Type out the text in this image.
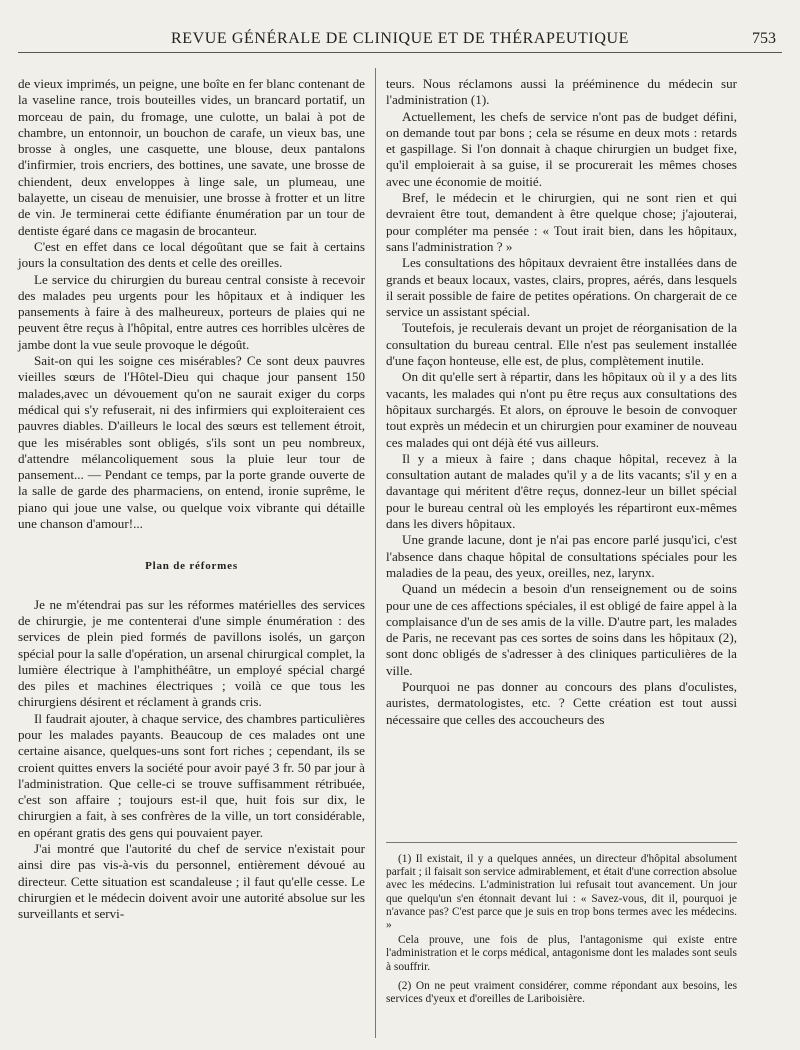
REVUE GÉNÉRALE DE CLINIQUE ET DE THÉRAPEUTIQUE	753

de vieux imprimés, un peigne, une boîte en fer blanc contenant de la vaseline rance, trois bouteilles vides, un brancard portatif, un morceau de pain, du fromage, une culotte, un balai à pot de chambre, un entonnoir, un bouchon de carafe, un vieux bas, une brosse à ongles, une casquette, une blouse, deux pantalons d'infirmier, trois encriers, des bottines, une savate, une brosse de chiendent, deux enveloppes à linge sale, un plumeau, une balayette, un ciseau de menuisier, une brosse à frotter et un litre de vin. Je terminerai cette édifiante énumération par un tour de dentiste égaré dans ce magasin de brocanteur.

C'est en effet dans ce local dégoûtant que se fait à certains jours la consultation des dents et celle des oreilles.

Le service du chirurgien du bureau central consiste à recevoir des malades peu urgents pour les hôpitaux et à indiquer les pansements à faire à des malheureux, porteurs de plaies qui ne peuvent être reçus à l'hôpital, entre autres ces horribles ulcères de jambe dont la vue seule provoque le dégoût.

Sait-on qui les soigne ces misérables? Ce sont deux pauvres vieilles sœurs de l'Hôtel-Dieu qui chaque jour pansent 150 malades,avec un dévouement qu'on ne saurait exiger du corps médical qui s'y refuserait, ni des infirmiers qui exploiteraient ces pauvres diables. D'ailleurs le local des sœurs est tellement étroit, que les misérables sont obligés, s'ils sont un peu nombreux, d'attendre mélancoliquement sous la pluie leur tour de pansement... — Pendant ce temps, par la porte grande ouverte de la salle de garde des pharmaciens, on entend, ironie suprême, le piano qui joue une valse, ou quelque voix vibrante qui détaille une chanson d'amour!...

Plan de réformes

Je ne m'étendrai pas sur les réformes matérielles des services de chirurgie, je me contenterai d'une simple énumération : des services de plein pied formés de pavillons isolés, un garçon spécial pour la salle d'opération, un arsenal chirurgical complet, la lumière électrique à l'amphithéâtre, un employé spécial chargé des piles et machines électriques ; voilà ce que tous les chirurgiens désirent et réclament à grands cris.

Il faudrait ajouter, à chaque service, des chambres particulières pour les malades payants. Beaucoup de ces malades ont une certaine aisance, quelques-uns sont fort riches ; cependant, ils se croient quittes envers la société pour avoir payé 3 fr. 50 par jour à l'administration. Que celle-ci se trouve suffisamment rétribuée, c'est son affaire ; toujours est-il que, huit fois sur dix, le chirurgien a fait, à ses confrères de la ville, un tort considérable, en opérant gratis des gens qui pouvaient payer.

J'ai montré que l'autorité du chef de service n'existait pour ainsi dire pas vis-à-vis du personnel, entièrement dévoué au directeur. Cette situation est scandaleuse ; il faut qu'elle cesse. Le chirurgien et le médecin doivent avoir une autorité absolue sur les surveillants et servi-

teurs. Nous réclamons aussi la prééminence du médecin sur l'administration (1).

Actuellement, les chefs de service n'ont pas de budget défini, on demande tout par bons ; cela se résume en deux mots : retards et gaspillage. Si l'on donnait à chaque chirurgien un budget fixe, qu'il emploierait à sa guise, il se procurerait les mêmes choses avec une économie de moitié.

Bref, le médecin et le chirurgien, qui ne sont rien et qui devraient être tout, demandent à être quelque chose; j'ajouterai, pour compléter ma pensée : « Tout irait bien, dans les hôpitaux, sans l'administration ? »

Les consultations des hôpitaux devraient être installées dans de grands et beaux locaux, vastes, clairs, propres, aérés, dans lesquels il serait possible de faire de petites opérations. On chargerait de ce service un assistant spécial.

Toutefois, je reculerais devant un projet de réorganisation de la consultation du bureau central. Elle n'est pas seulement installée d'une façon honteuse, elle est, de plus, complètement inutile.

On dit qu'elle sert à répartir, dans les hôpitaux où il y a des lits vacants, les malades qui n'ont pu être reçus aux consultations des hôpitaux surchargés. Et alors, on éprouve le besoin de convoquer tout exprès un médecin et un chirurgien pour examiner de nouveau ces malades qui ont déjà été vus ailleurs.

Il y a mieux à faire ; dans chaque hôpital, recevez à la consultation autant de malades qu'il y a de lits vacants; s'il y en a davantage qui méritent d'être reçus, donnez-leur un billet spécial pour le bureau central où les employés les répartiront eux-mêmes dans les divers hôpitaux.

Une grande lacune, dont je n'ai pas encore parlé jusqu'ici, c'est l'absence dans chaque hôpital de consultations spéciales pour les maladies de la peau, des yeux, oreilles, nez, larynx.

Quand un médecin a besoin d'un renseignement ou de soins pour une de ces affections spéciales, il est obligé de faire appel à la complaisance d'un de ses amis de la ville. D'autre part, les malades de Paris, ne recevant pas ces sortes de soins dans les hôpitaux (2), sont donc obligés de s'adresser à des cliniques particulières de la ville.

Pourquoi ne pas donner au concours des plans d'oculistes, auristes, dermatologistes, etc. ? Cette création est tout aussi nécessaire que celles des accoucheurs des

(1) Il existait, il y a quelques années, un directeur d'hôpital absolument parfait ; il faisait son service admirablement, et était d'une correction absolue avec les médecins. L'administration lui refusait tout avancement. Un jour que quelqu'un s'en étonnait devant lui : « Savez-vous, dit il, pourquoi je n'avance pas? C'est parce que je suis en trop bons termes avec les médecins. »

Cela prouve, une fois de plus, l'antagonisme qui existe entre l'administration et le corps médical, antagonisme dont les malades sont seuls à souffrir.

(2) On ne peut vraiment considérer, comme répondant aux besoins, les services d'yeux et d'oreilles de Lariboisière.
